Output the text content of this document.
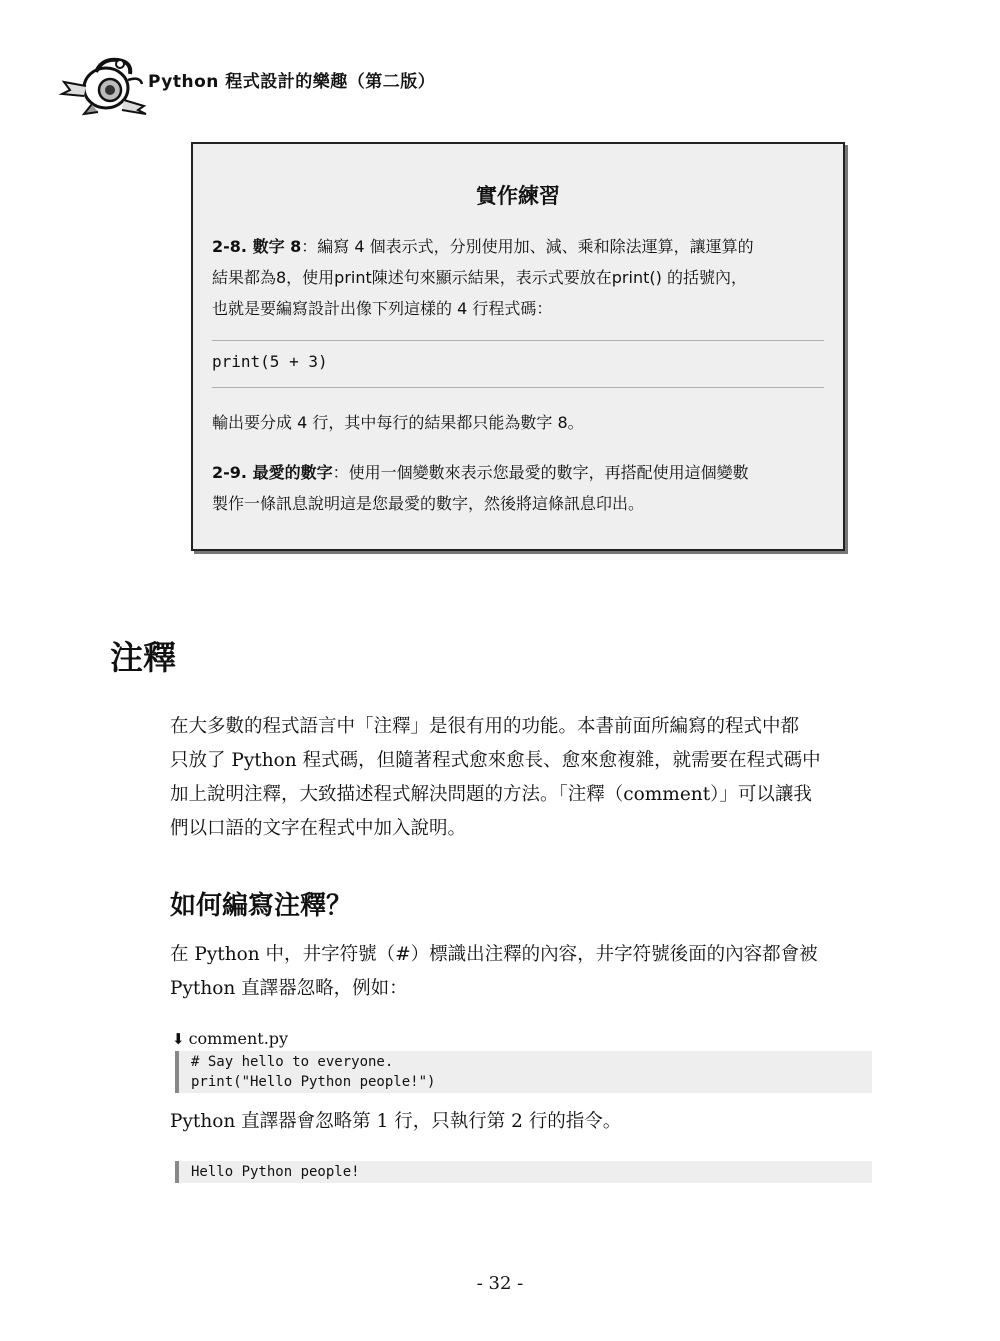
Python 程式設計的樂趣（第二版）
實作練習

2-8. 數字 8：編寫 4 個表示式，分別使用加、減、乘和除法運算，讓運算的
結果都為8，使用print陳述句來顯示結果，表示式要放在print() 的括號內，
也就是要編寫設計出像下列這樣的 4 行程式碼：

print(5 + 3)

輸出要分成 4 行，其中每行的結果都只能為數字 8。

2-9. 最愛的數字：使用一個變數來表示您最愛的數字，再搭配使用這個變數
製作一條訊息說明這是您最愛的數字，然後將這條訊息印出。

注釋

在大多數的程式語言中「注釋」是很有用的功能。本書前面所編寫的程式中都
只放了 Python 程式碼，但隨著程式愈來愈長、愈來愈複雜，就需要在程式碼中
加上說明注釋，大致描述程式解決問題的方法。「注釋（comment）」可以讓我
們以口語的文字在程式中加入說明。

如何編寫注釋？

在 Python 中，井字符號（#）標識出注釋的內容，井字符號後面的內容都會被
Python 直譯器忽略，例如：

⬇ comment.py
# Say hello to everyone.
print("Hello Python people!")

Python 直譯器會忽略第 1 行，只執行第 2 行的指令。

Hello Python people!
- 32 -
